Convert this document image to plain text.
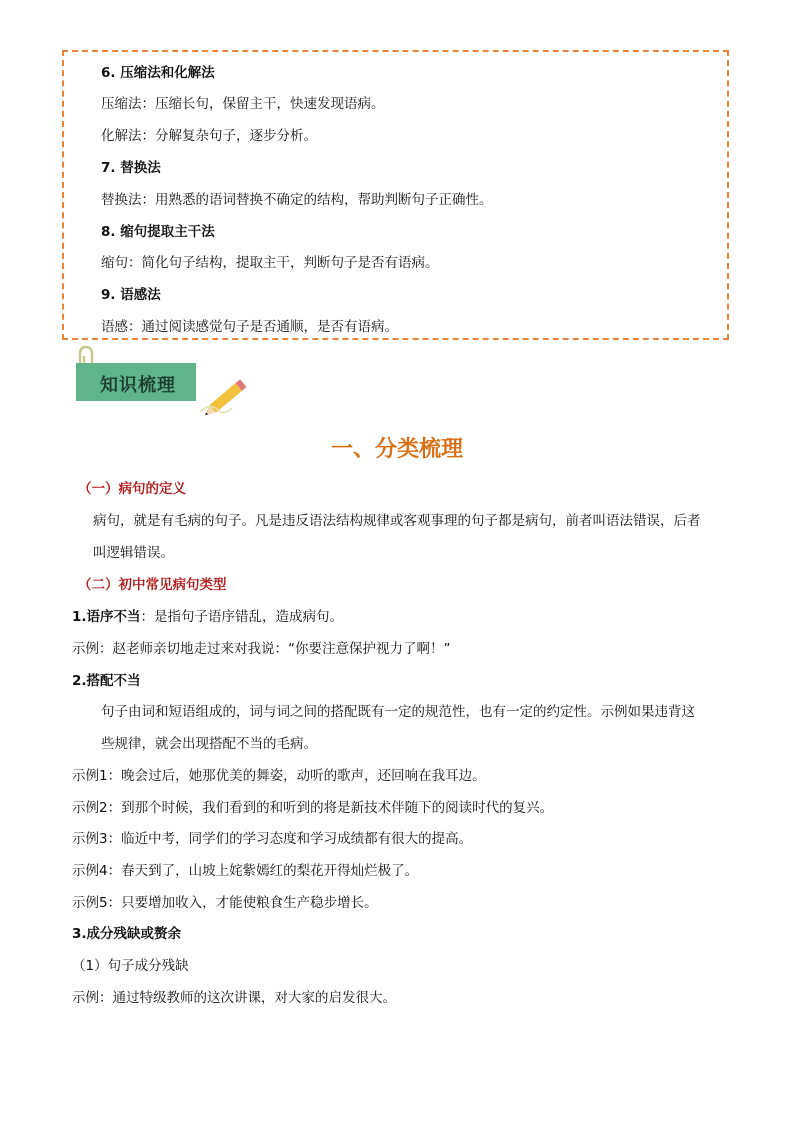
6. 压缩法和化解法
压缩法：压缩长句，保留主干，快速发现语病。
化解法：分解复杂句子，逐步分析。
7. 替换法
替换法：用熟悉的语词替换不确定的结构，帮助判断句子正确性。
8. 缩句提取主干法
缩句：简化句子结构，提取主干，判断句子是否有语病。
9. 语感法
语感：通过阅读感觉句子是否通顺，是否有语病。
知识梳理
一、分类梳理
（一）病句的定义
病句，就是有毛病的句子。凡是违反语法结构规律或客观事理的句子都是病句，前者叫语法错误，后者
叫逻辑错误。
（二）初中常见病句类型
1.语序不当：是指句子语序错乱，造成病句。
示例：赵老师亲切地走过来对我说：“你要注意保护视力了啊！”
2.搭配不当
句子由词和短语组成的，词与词之间的搭配既有一定的规范性，也有一定的约定性。示例如果违背这
些规律，就会出现搭配不当的毛病。
示例1：晚会过后，她那优美的舞姿，动听的歌声，还回响在我耳边。
示例2：到那个时候，我们看到的和听到的将是新技术伴随下的阅读时代的复兴。
示例3：临近中考，同学们的学习态度和学习成绩都有很大的提高。
示例4：春天到了，山坡上姹紫嫣红的梨花开得灿烂极了。
示例5：只要增加收入，才能使粮食生产稳步增长。
3.成分残缺或赘余
（1）句子成分残缺
示例：通过特级教师的这次讲课，对大家的启发很大。
